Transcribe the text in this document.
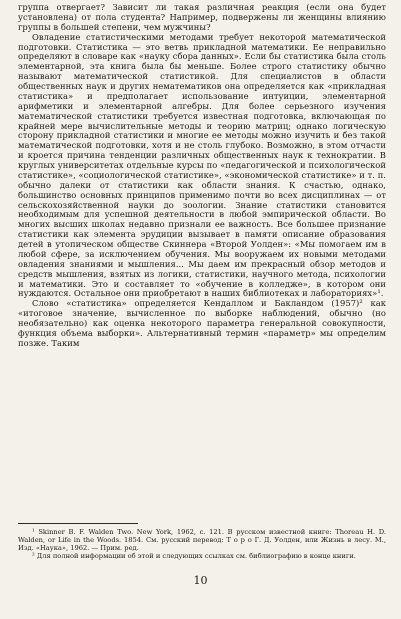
группа отвергает? Зависит ли такая различная реакция (если она будет установлена) от пола студента? Например, подвержены ли женщины влиянию группы в большей степени, чем мужчины?

Овладение статистическими методами требует некоторой математической подготовки. Статистика — это ветвь прикладной математики. Ее неправильно определяют в словаре как «науку сбора данных». Если бы статистика была столь элементарной, эта книга была бы меньше. Более строго статистику обычно называют математической статистикой. Для специалистов в области общественных наук и других нематематиков она определяется как «прикладная статистика» и предполагает использование интуиции, элементарной арифметики и элементарной алгебры. Для более серьезного изучения математической статистики требуется известная подготовка, включающая по крайней мере вычислительные методы и теорию матриц; однако логическую сторону прикладной статистики и многие ее методы можно изучить и без такой математической подготовки, хотя и не столь глубоко. Возможно, в этом отчасти и кроется причина тенденции различных общественных наук к технократии. В круглых университетах отдельные курсы по «педагогической и психологической статистике», «социологической статистике», «экономической статистике» и т. п. обычно далеки от статистики как области знания. К счастью, однако, большинство основных принципов применимо почти во всех дисциплинах — от сельскохозяйственной науки до зоологии. Знание статистики становится необходимым для успешной деятельности в любой эмпирической области. Во многих высших школах недавно признали ее важность. Все большее признание статистики как элемента эрудиции вызывает в памяти описание образования детей в утопическом обществе Скиннера «Второй Уолден»: «Мы помогаем им в любой сфере, за исключением обучения. Мы вооружаем их новыми методами овладения знаниями и мышления... Мы даем им прекрасный обзор методов и средств мышления, взятых из логики, статистики, научного метода, психологии и математики. Это и составляет то «обучение в колледже», в котором они нуждаются. Остальное они приобретают в наших библиотеках и лабораториях»¹.

Слово «статистика» определяется Кендаллом и Бакландом (1957)² как «итоговое значение, вычисленное по выборке наблюдений, обычно (но необязательно) как оценка некоторого параметра генеральной совокупности, функция объема выборки». Альтернативный термин «параметр» мы определим позже. Таким

¹ Skinner B. F. Walden Two. New York, 1962, с. 121. В русском известной книге: Thoreau H. D. Walden, or Life in the Woods. 1854. См. русский перевод: Т о р о Г. Д. Уолден, или Жизнь в лесу. М., Изд. «Наука», 1962. — Прим. ред.

² Для полной информации об этой и следующих ссылках см. библиографию в конце книги.

10
